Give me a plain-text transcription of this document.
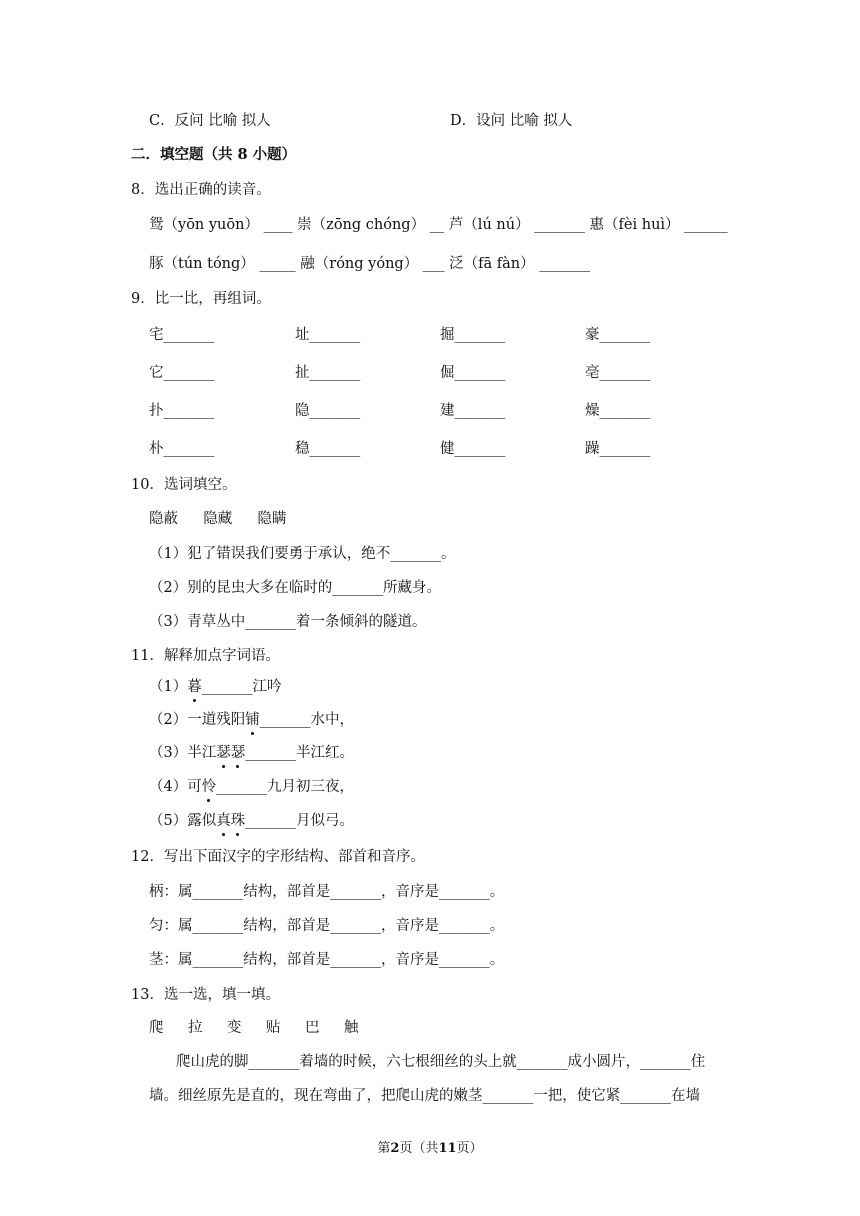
C．反问 比喻 拟人	D．设问 比喻 拟人
二．填空题（共 8 小题）
8．选出正确的读音。
鸳（yōn yuōn） ____ 崇（zōng chóng） __ 芦（lú nú） _______ 惠（fèi huì） ______
豚（tún tóng） _____ 融（róng yóng） ___ 泛（fā fàn） _______
9．比一比，再组词。
宅_______	址_______	掘_______	豪_______
它_______	扯_______	倔_______	亳_______
扑_______	隐_______	建_______	燥_______
朴_______	稳_______	健_______	躁_______
10．选词填空。
隐蔽  隐藏  隐瞒
（1）犯了错误我们要勇于承认，绝不_______。
（2）别的昆虫大多在临时的_______所藏身。
（3）青草丛中_______着一条倾斜的隧道。
11．解释加点字词语。
（1）暮_______江吟
（2）一道残阳铺_______水中，
（3）半江瑟瑟_______半江红。
（4）可怜_______九月初三夜，
（5）露似真珠_______月似弓。
12．写出下面汉字的字形结构、部首和音序。
柄：属_______结构，部首是_______，音序是_______。
匀：属_______结构，部首是_______，音序是_______。
茎：属_______结构，部首是_______，音序是_______。
13．选一选，填一填。
爬 拉 变 贴 巴 触
爬山虎的脚_______着墙的时候，六七根细丝的头上就_______成小圆片，_______住
墙。细丝原先是直的，现在弯曲了，把爬山虎的嫩茎_______一把，使它紧_______在墙
第2页（共11页）
